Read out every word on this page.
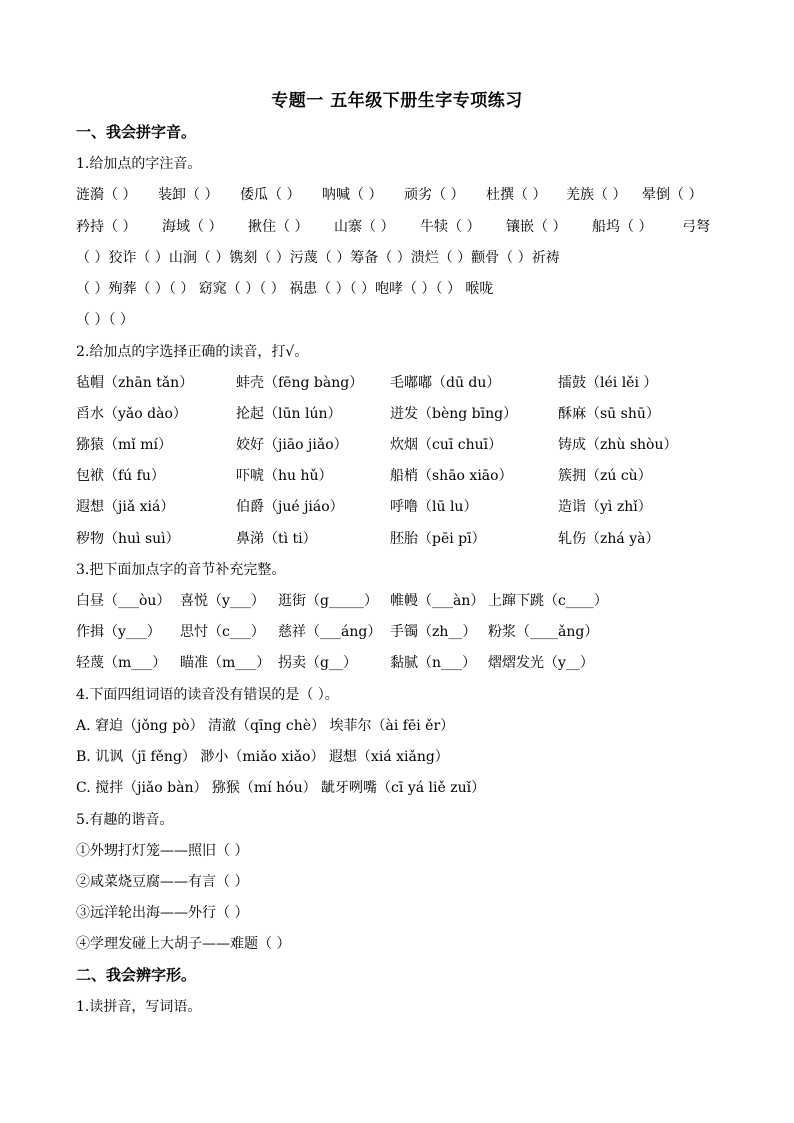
专题一 五年级下册生字专项练习
一、我会拼字音。
1.给加点的字注音。
涟漪（ ） 装卸（ ） 倭瓜（ ） 呐喊（ ） 顽劣（ ） 杜撰（ ） 羌族（ ） 晕倒（ ）
矜持（ ） 海域（ ） 揪住（ ） 山寨（ ） 牛犊（ ） 镶嵌（ ） 船坞（ ） 弓弩
（ ）狡诈（ ）山涧（ ）镌刻（ ）污蔑（ ）筹备（ ）溃烂（ ）颧骨（ ）祈祷
（ ）殉葬（ ）（ ） 窈窕（ ）（ ） 祸患（ ）（ ）咆哮（ ）（ ） 喉咙
（ ）（ ）
2.给加点的字选择正确的读音，打√。
毡帽（zhān tǎn）	蚌壳（fēng bàng） 毛嘟嘟（dū du）	擂鼓（léi lěi ）
舀水（yǎo dào）	抡起（lūn lún）	迸发（bèng bīng）	酥麻（sū shū）
猕猿（mǐ mí）	姣好（jiāo jiǎo）	炊烟（cuī chuī）	铸成（zhù shòu）
包袱（fú fu）	吓唬（hu hǔ）	船梢（shāo xiāo）	簇拥（zú cù）
遐想（jiǎ xiá）	伯爵（jué jiáo）	呼噜（lū lu）	造诣（yì zhǐ）
秽物（huì suì）	鼻涕（tì ti）	胚胎（pēi pī）	轧伤（zhá yà）
3.把下面加点字的音节补充完整。
白昼（___òu） 喜悦（y___） 逛街（g_____） 帷幔（___àn） 上蹿下跳（c____）
作揖（y___） 思忖（c___） 慈祥（___áng） 手镯（zh__） 粉浆（____ǎng）
轻蔑（m___） 瞄准（m___） 拐卖（g__） 黏腻（n___） 熠熠发光（y__）
4.下面四组词语的读音没有错误的是（ ）。
A. 窘迫（jǒng pò） 清澈（qīng chè） 埃菲尔（ài fēi ěr）
B. 讥讽（jī fěng） 渺小（miǎo xiǎo） 遐想（xiá xiǎng）
C. 搅拌（jiǎo bàn） 猕猴（mí hóu） 龇牙咧嘴（cī yá liě zuǐ）
5.有趣的谐音。
①外甥打灯笼——照旧（ ）
②咸菜烧豆腐——有言（ ）
③远洋轮出海——外行（ ）
④学理发碰上大胡子——难题（ ）
二、我会辨字形。
1.读拼音，写词语。
